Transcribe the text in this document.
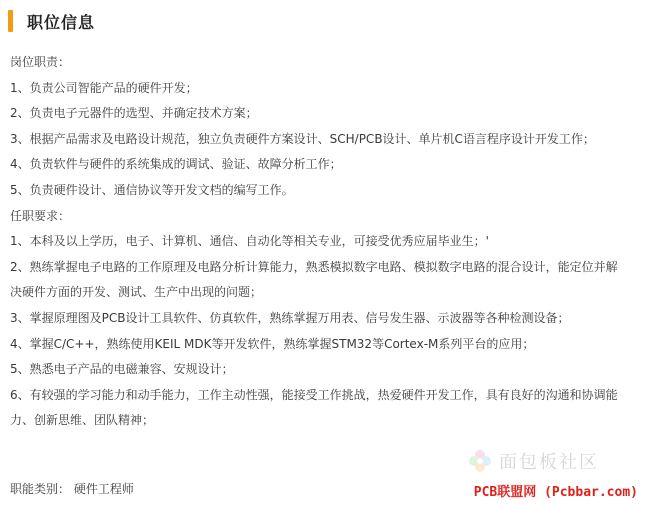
职位信息
岗位职责：
1、负责公司智能产品的硬件开发；
2、负责电子元器件的选型、并确定技术方案；
3、根据产品需求及电路设计规范，独立负责硬件方案设计、SCH/PCB设计、单片机C语言程序设计开发工作；
4、负责软件与硬件的系统集成的调试、验证、故障分析工作；
5、负责硬件设计、通信协议等开发文档的编写工作。
任职要求：
1、本科及以上学历，电子、计算机、通信、自动化等相关专业，可接受优秀应届毕业生；'
2、熟练掌握电子电路的工作原理及电路分析计算能力，熟悉模拟数字电路、模拟数字电路的混合设计，能定位并解决硬件方面的开发、测试、生产中出现的问题；
3、掌握原理图及PCB设计工具软件、仿真软件，熟练掌握万用表、信号发生器、示波器等各种检测设备；
4、掌握C/C++，熟练使用KEIL MDK等开发软件，熟练掌握STM32等Cortex-M系列平台的应用；
5、熟悉电子产品的电磁兼容、安规设计；
6、有较强的学习能力和动手能力，工作主动性强，能接受工作挑战，热爱硬件开发工作，具有良好的沟通和协调能力、创新思维、团队精神；
职能类别： 硬件工程师
面包板社区
PCB联盟网 (Pcbbar.com)
